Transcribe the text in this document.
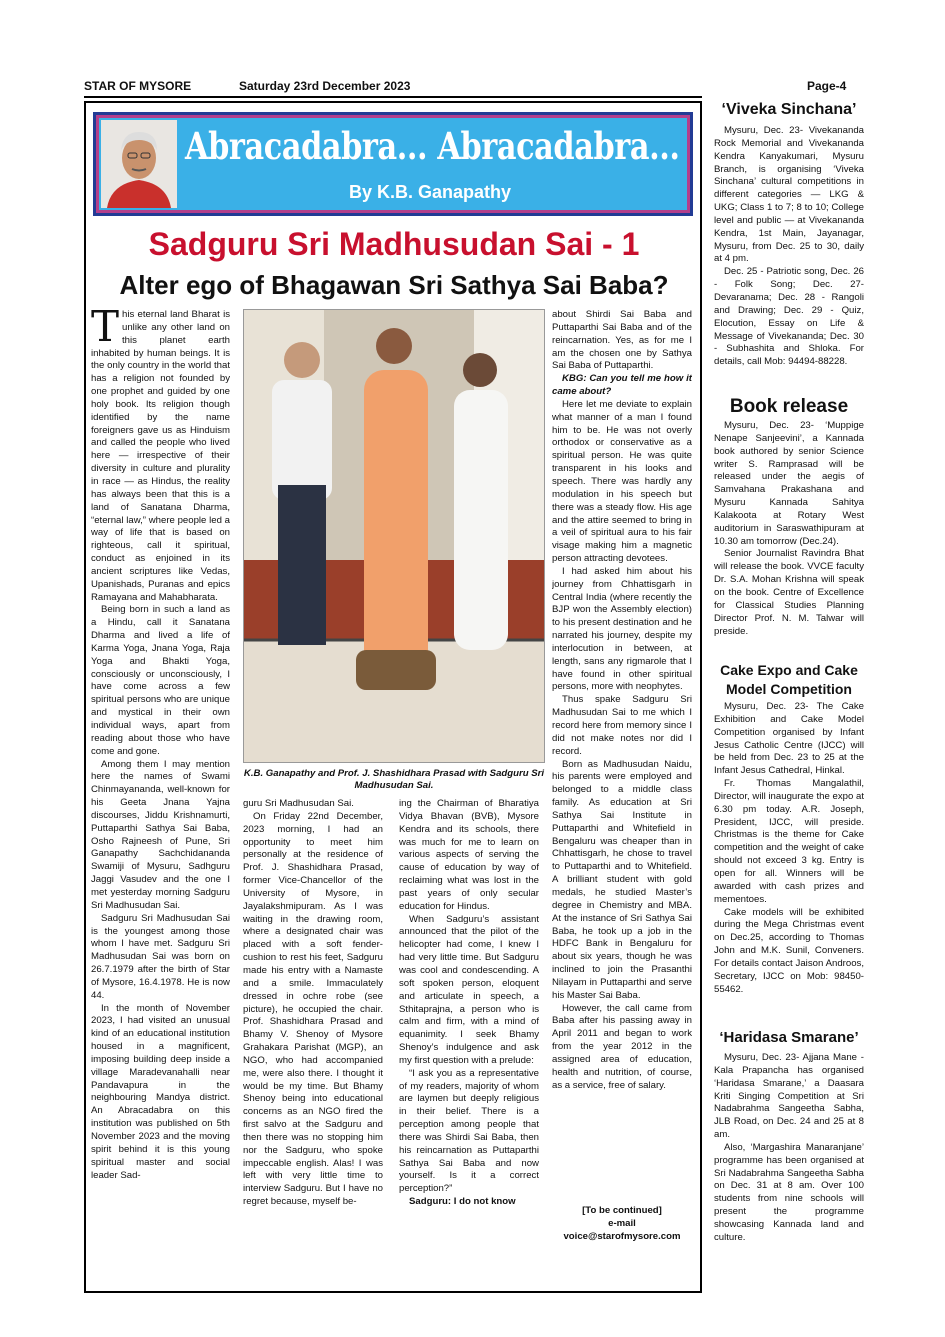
STAR OF MYSORE	Saturday 23rd December 2023	Page-4
Abracadabra... Abracadabra...
By K.B. Ganapathy
Sadguru Sri Madhusudan Sai - 1
Alter ego of Bhagawan Sri Sathya Sai Baba?

This eternal land Bharat is unlike any other land on this planet earth inhabited by human beings. It is the only country in the world that has a religion not founded by one prophet and guided by one holy book. Its religion though identified by the name foreigners gave us as Hinduism and called the people who lived here — irrespective of their diversity in culture and plurality in race — as Hindus, the reality has always been that this is a land of Sanatana Dharma, “eternal law,” where people led a way of life that is based on righteous, call it spiritual, conduct as enjoined in its ancient scriptures like Vedas, Upanishads, Puranas and epics Ramayana and Mahabharata.

Being born in such a land as a Hindu, call it Sanatana Dharma and lived a life of Karma Yoga, Jnana Yoga, Raja Yoga and Bhakti Yoga, consciously or unconsciously, I have come across a few spiritual persons who are unique and mystical in their own individual ways, apart from reading about those who have come and gone.

Among them I may mention here the names of Swami Chinmayananda, well-known for his Geeta Jnana Yajna discourses, Jiddu Krishnamurti, Puttaparthi Sathya Sai Baba, Osho Rajneesh of Pune, Sri Ganapathy Sachchidananda Swamiji of Mysuru, Sadhguru Jaggi Vasudev and the one I met yesterday morning Sadguru Sri Madhusudan Sai.

Sadguru Sri Madhusudan Sai is the youngest among those whom I have met. Sadguru Sri Madhusudan Sai was born on 26.7.1979 after the birth of Star of Mysore, 16.4.1978. He is now 44.

In the month of November 2023, I had visited an unusual kind of an educational institution housed in a magnificent, imposing building deep inside a village Maradevanahalli near Pandavapura in the neighbouring Mandya district. An Abracadabra on this institution was published on 5th November 2023 and the moving spirit behind it is this young spiritual master and social leader Sad-

K.B. Ganapathy and Prof. J. Shashidhara Prasad with Sadguru Sri Madhusudan Sai.

guru Sri Madhusudan Sai.

On Friday 22nd December, 2023 morning, I had an opportunity to meet him personally at the residence of Prof. J. Shashidhara Prasad, former Vice-Chancellor of the University of Mysore, in Jayalakshmipuram. As I was waiting in the drawing room, where a designated chair was placed with a soft fender-cushion to rest his feet, Sadguru made his entry with a Namaste and a smile. Immaculately dressed in ochre robe (see picture), he occupied the chair. Prof. Shashidhara Prasad and Bhamy V. Shenoy of Mysore Grahakara Parishat (MGP), an NGO, who had accompanied me, were also there. I thought it would be my time. But Bhamy Shenoy being into educational concerns as an NGO fired the first salvo at the Sadguru and then there was no stopping him nor the Sadguru, who spoke impeccable english. Alas! I was left with very little time to interview Sadguru. But I have no regret because, myself be-

ing the Chairman of Bharatiya Vidya Bhavan (BVB), Mysore Kendra and its schools, there was much for me to learn on various aspects of serving the cause of education by way of reclaiming what was lost in the past years of only secular education for Hindus.

When Sadguru’s assistant announced that the pilot of the helicopter had come, I knew I had very little time. But Sadguru was cool and condescending. A soft spoken person, eloquent and articulate in speech, a Sthitaprajna, a person who is calm and firm, with a mind of equanimity. I seek Bhamy Shenoy’s indulgence and ask my first question with a prelude:

“I ask you as a representative of my readers, majority of whom are laymen but deeply religious in their belief. There is a perception among people that there was Shirdi Sai Baba, then his reincarnation as Puttaparthi Sathya Sai Baba and now yourself. Is it a correct perception?”

Sadguru: I do not know

about Shirdi Sai Baba and Puttaparthi Sai Baba and of the reincarnation. Yes, as for me I am the chosen one by Sathya Sai Baba of Puttaparthi.

KBG: Can you tell me how it came about?

Here let me deviate to explain what manner of a man I found him to be. He was not overly orthodox or conservative as a spiritual person. He was quite transparent in his looks and speech. There was hardly any modulation in his speech but there was a steady flow. His age and the attire seemed to bring in a veil of spiritual aura to his fair visage making him a magnetic person attracting devotees.

I had asked him about his journey from Chhattisgarh in Central India (where recently the BJP won the Assembly election) to his present destination and he narrated his journey, despite my interlocution in between, at length, sans any rigmarole that I have found in other spiritual persons, more with neophytes.

Thus spake Sadguru Sri Madhusudan Sai to me which I record here from memory since I did not make notes nor did I record.

Born as Madhusudan Naidu, his parents were employed and belonged to a middle class family. As education at Sri Sathya Sai Institute in Puttaparthi and Whitefield in Bengaluru was cheaper than in Chhattisgarh, he chose to travel to Puttaparthi and to Whitefield. A brilliant student with gold medals, he studied Master’s degree in Chemistry and MBA. At the instance of Sri Sathya Sai Baba, he took up a job in the HDFC Bank in Bengaluru for about six years, though he was inclined to join the Prasanthi Nilayam in Puttaparthi and serve his Master Sai Baba.

However, the call came from Baba after his passing away in April 2011 and began to work from the year 2012 in the assigned area of education, health and nutrition, of course, as a service, free of salary.

[To be continued]
e-mail
voice@starofmysore.com
‘Viveka Sinchana’

Mysuru, Dec. 23- Vivekananda Rock Memorial and Vivekananda Kendra Kanyakumari, Mysuru Branch, is organising ‘Viveka Sinchana’ cultural competitions in different categories — LKG & UKG; Class 1 to 7; 8 to 10; College level and public — at Vivekananda Kendra, 1st Main, Jayanagar, Mysuru, from Dec. 25 to 30, daily at 4 pm.

Dec. 25 - Patriotic song, Dec. 26 - Folk Song; Dec. 27- Devaranama; Dec. 28 - Rangoli and Drawing; Dec. 29 - Quiz, Elocution, Essay on Life & Message of Vivekananda; Dec. 30 - Subhashita and Shloka. For details, call Mob: 94494-88228.

Book release

Mysuru, Dec. 23- ‘Muppige Nenape Sanjeevini’, a Kannada book authored by senior Science writer S. Ramprasad will be released under the aegis of Samvahana Prakashana and Mysuru Kannada Sahitya Kalakoota at Rotary West auditorium in Saraswathipuram at 10.30 am tomorrow (Dec.24).

Senior Journalist Ravindra Bhat will release the book. VVCE faculty Dr. S.A. Mohan Krishna will speak on the book. Centre of Excellence for Classical Studies Planning Director Prof. N. M. Talwar will preside.

Cake Expo and Cake Model Competition

Mysuru, Dec. 23- The Cake Exhibition and Cake Model Competition organised by Infant Jesus Catholic Centre (IJCC) will be held from Dec. 23 to 25 at the Infant Jesus Cathedral, Hinkal.

Fr. Thomas Mangalathil, Director, will inaugurate the expo at 6.30 pm today. A.R. Joseph, President, IJCC, will preside. Christmas is the theme for Cake competition and the weight of cake should not exceed 3 kg. Entry is open for all. Winners will be awarded with cash prizes and mementoes.

Cake models will be exhibited during the Mega Christmas event on Dec.25, according to Thomas John and M.K. Sunil, Conveners. For details contact Jaison Androos, Secretary, IJCC on Mob: 98450-55462.

‘Haridasa Smarane’

Mysuru, Dec. 23- Ajjana Mane - Kala Prapancha has organised ‘Haridasa Smarane,’ a Daasara Kriti Singing Competition at Sri Nadabrahma Sangeetha Sabha, JLB Road, on Dec. 24 and 25 at 8 am.

Also, ‘Margashira Manaranjane’ programme has been organised at Sri Nadabrahma Sangeetha Sabha on Dec. 31 at 8 am. Over 100 students from nine schools will present the programme showcasing Kannada land and culture.
